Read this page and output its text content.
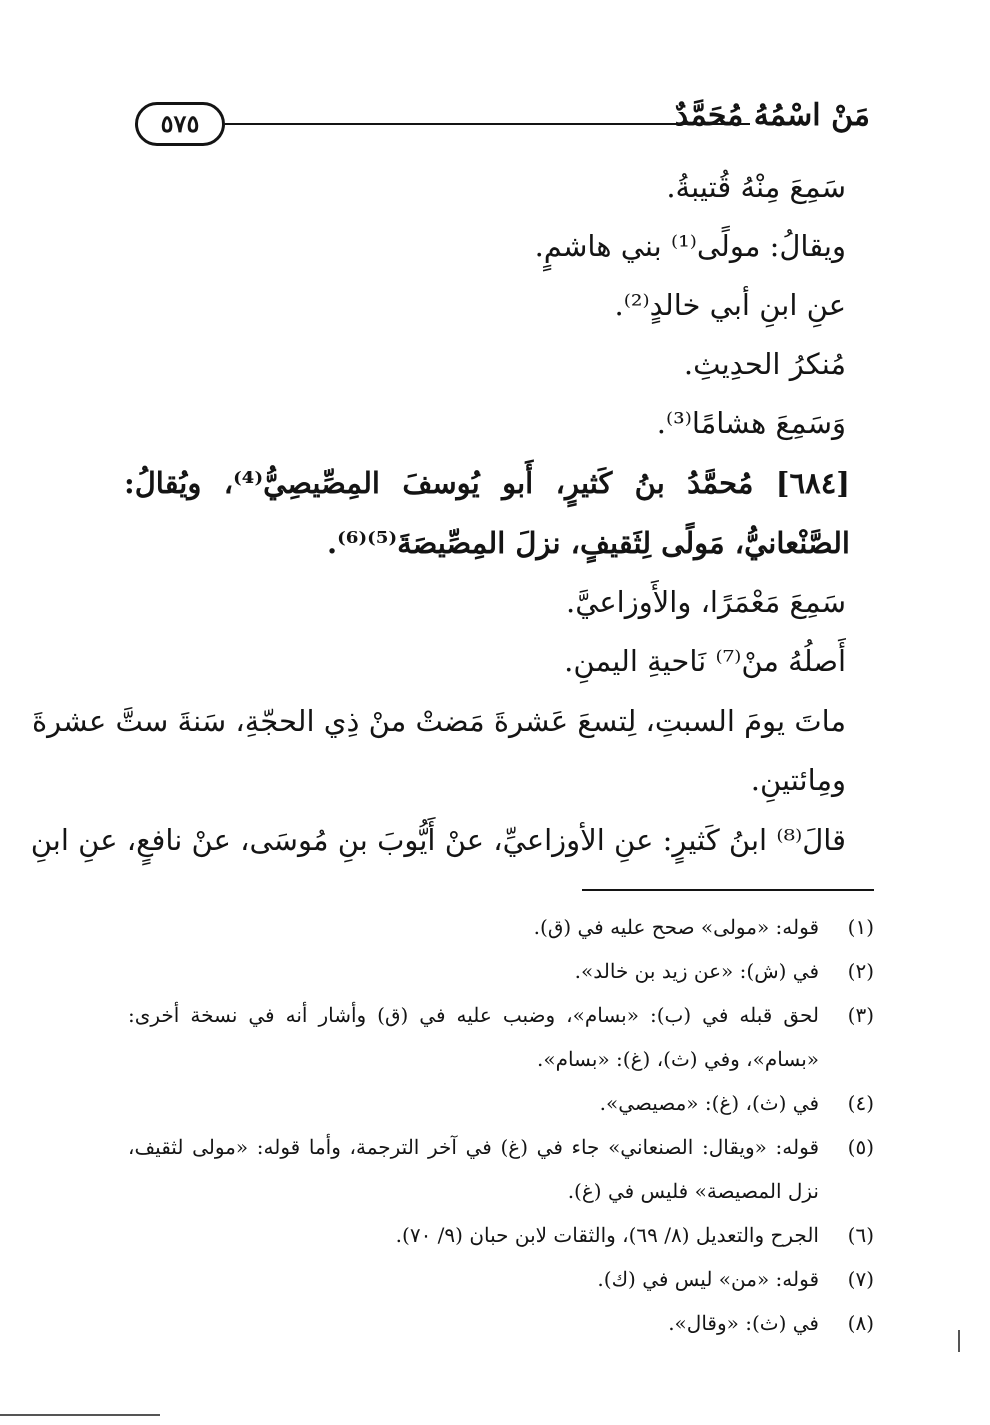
٥٧٥	مَنْ اسْمُهُ مُحَمَّدٌ
سَمِعَ مِنْهُ قُتيبةُ.
ويقالُ: مولًى⁽¹⁾ بني هاشمٍ.
عنِ ابنِ أبي خالدٍ⁽²⁾.
مُنكرُ الحدِيثِ.
وَسَمِعَ هشامًا⁽³⁾.
[٦٨٤] مُحمَّدُ بنُ كَثيرٍ، أَبو يُوسفَ المِصِّيصِيُّ⁽⁴⁾، ويُقالُ: الصَّنْعانيُّ، مَولًى لِثَقيفٍ، نزلَ المِصِّيصَةَ⁽⁵⁾⁽⁶⁾.
سَمِعَ مَعْمَرًا، والأَوزاعيَّ.
أَصلُهُ منْ⁽⁷⁾ نَاحيةِ اليمنِ.
ماتَ يومَ السبتِ، لِتسعَ عَشرةَ مَضتْ منْ ذِي الحجّةِ، سَنةَ ستَّ عشرةَ
ومِائتينِ.
قالَ⁽⁸⁾ ابنُ كَثيرٍ: عنِ الأوزاعيِّ، عنْ أَيُّوبَ بنِ مُوسَى، عنْ نافعٍ، عنِ ابنِ
(١)
قوله: «مولى» صحح عليه في (ق).
(٢)
في (ش): «عن زيد بن خالد».
(٣)
لحق قبله في (ب): «بسام»، وضبب عليه في (ق) وأشار أنه في نسخة أخرى: «بسام»، وفي (ث)، (غ): «بسام».
(٤)
في (ث)، (غ): «مصيصي».
(٥)
قوله: «ويقال: الصنعاني» جاء في (غ) في آخر الترجمة، وأما قوله: «مولى لثقيف، نزل المصيصة» فليس في (غ).
(٦)
الجرح والتعديل (٨/ ٦٩)، والثقات لابن حبان (٩/ ٧٠).
(٧)
قوله: «من» ليس في (ك).
(٨)
في (ث): «وقال».
